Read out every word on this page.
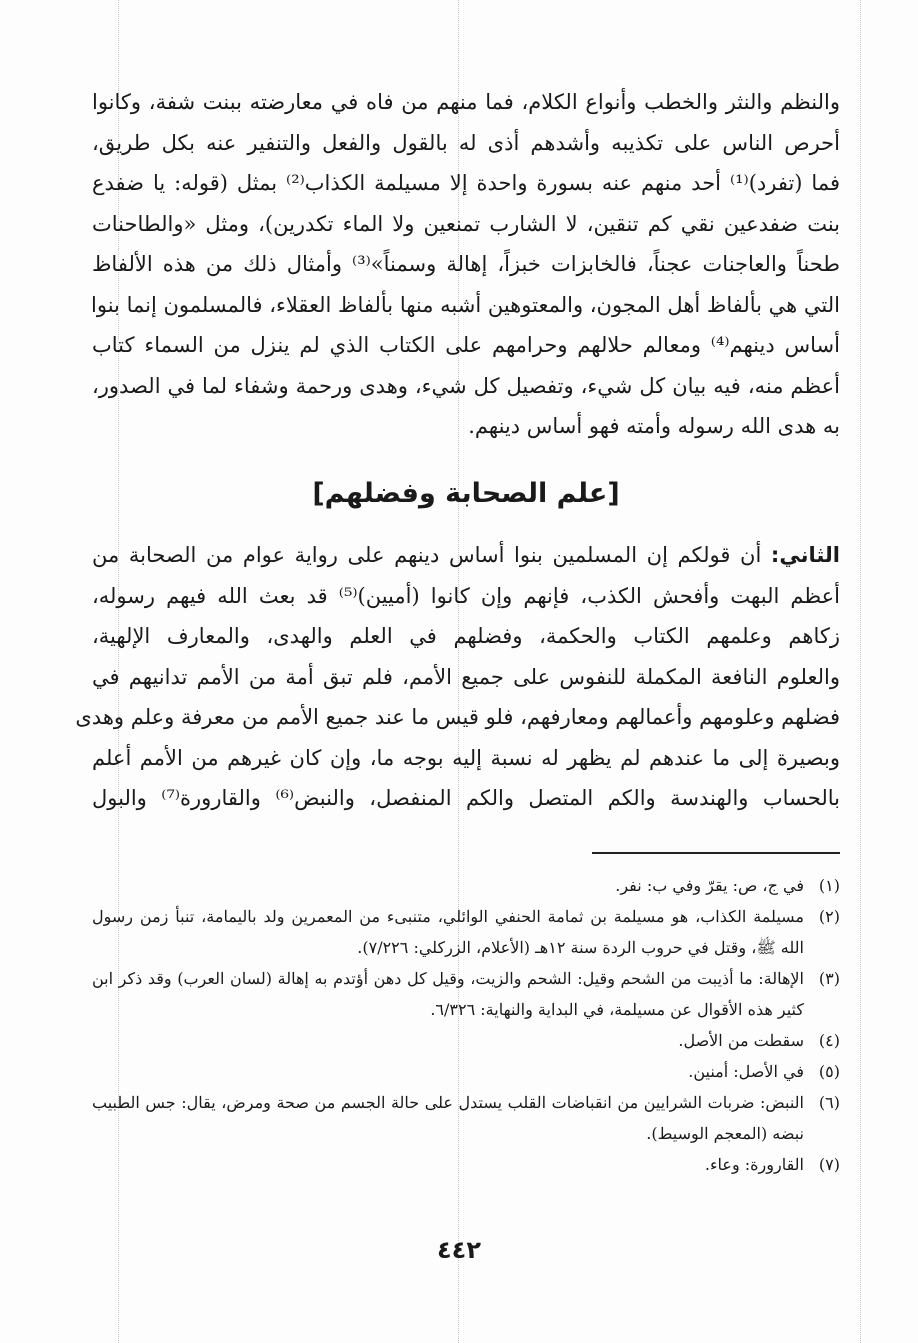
والنظم والنثر والخطب وأنواع الكلام، فما منهم من فاه في معارضته ببنت شفة، وكانوا
أحرص الناس على تكذيبه وأشدهم أذى له بالقول والفعل والتنفير عنه بكل طريق،
فما (تفرد)⁽¹⁾ أحد منهم عنه بسورة واحدة إلا مسيلمة الكذاب⁽²⁾ بمثل (قوله: يا ضفدع
بنت ضفدعين نقي كم تنقين، لا الشارب تمنعين ولا الماء تكدرين)، ومثل «والطاحنات
طحناً والعاجنات عجناً، فالخابزات خبزاً، إهالة وسمناً»⁽³⁾ وأمثال ذلك من هذه الألفاظ
التي هي بألفاظ أهل المجون، والمعتوهين أشبه منها بألفاظ العقلاء، فالمسلمون إنما بنوا
أساس دينهم⁽⁴⁾ ومعالم حلالهم وحرامهم على الكتاب الذي لم ينزل من السماء كتاب
أعظم منه، فيه بيان كل شيء، وتفصيل كل شيء، وهدى ورحمة وشفاء لما في الصدور،
به هدى الله رسوله وأمته فهو أساس دينهم.
[علم الصحابة وفضلهم]
الثاني: أن قولكم إن المسلمين بنوا أساس دينهم على رواية عوام من الصحابة من
أعظم البهت وأفحش الكذب، فإنهم وإن كانوا (أميين)⁽⁵⁾ قد بعث الله فيهم رسوله،
زكاهم وعلمهم الكتاب والحكمة، وفضلهم في العلم والهدى، والمعارف الإلهية،
والعلوم النافعة المكملة للنفوس على جميع الأمم، فلم تبق أمة من الأمم تدانيهم في
فضلهم وعلومهم وأعمالهم ومعارفهم، فلو قيس ما عند جميع الأمم من معرفة وعلم وهدى
وبصيرة إلى ما عندهم لم يظهر له نسبة إليه بوجه ما، وإن كان غيرهم من الأمم أعلم
بالحساب والهندسة والكم المتصل والكم المنفصل، والنبض⁽⁶⁾ والقارورة⁽⁷⁾ والبول
(١)
في ج، ص: يقرّ وفي ب: نفر.
(٢)
مسيلمة الكذاب، هو مسيلمة بن ثمامة الحنفي الوائلي، متنبىء من المعمرين ولد باليمامة، تنبأ زمن رسول الله ﷺ، وقتل في حروب الردة سنة ١٢هـ (الأعلام، الزركلي: ٧/٢٢٦).
(٣)
الإهالة: ما أذيبت من الشحم وقيل: الشحم والزيت، وقيل كل دهن أؤتدم به إهالة (لسان العرب) وقد ذكر ابن كثير هذه الأقوال عن مسيلمة، في البداية والنهاية: ٦/٣٢٦.
(٤)
سقطت من الأصل.
(٥)
في الأصل: أمنين.
(٦)
النبض: ضربات الشرايين من انقباضات القلب يستدل على حالة الجسم من صحة ومرض، يقال: جس الطبيب نبضه (المعجم الوسيط).
(٧)
القارورة: وعاء.
٤٤٢
